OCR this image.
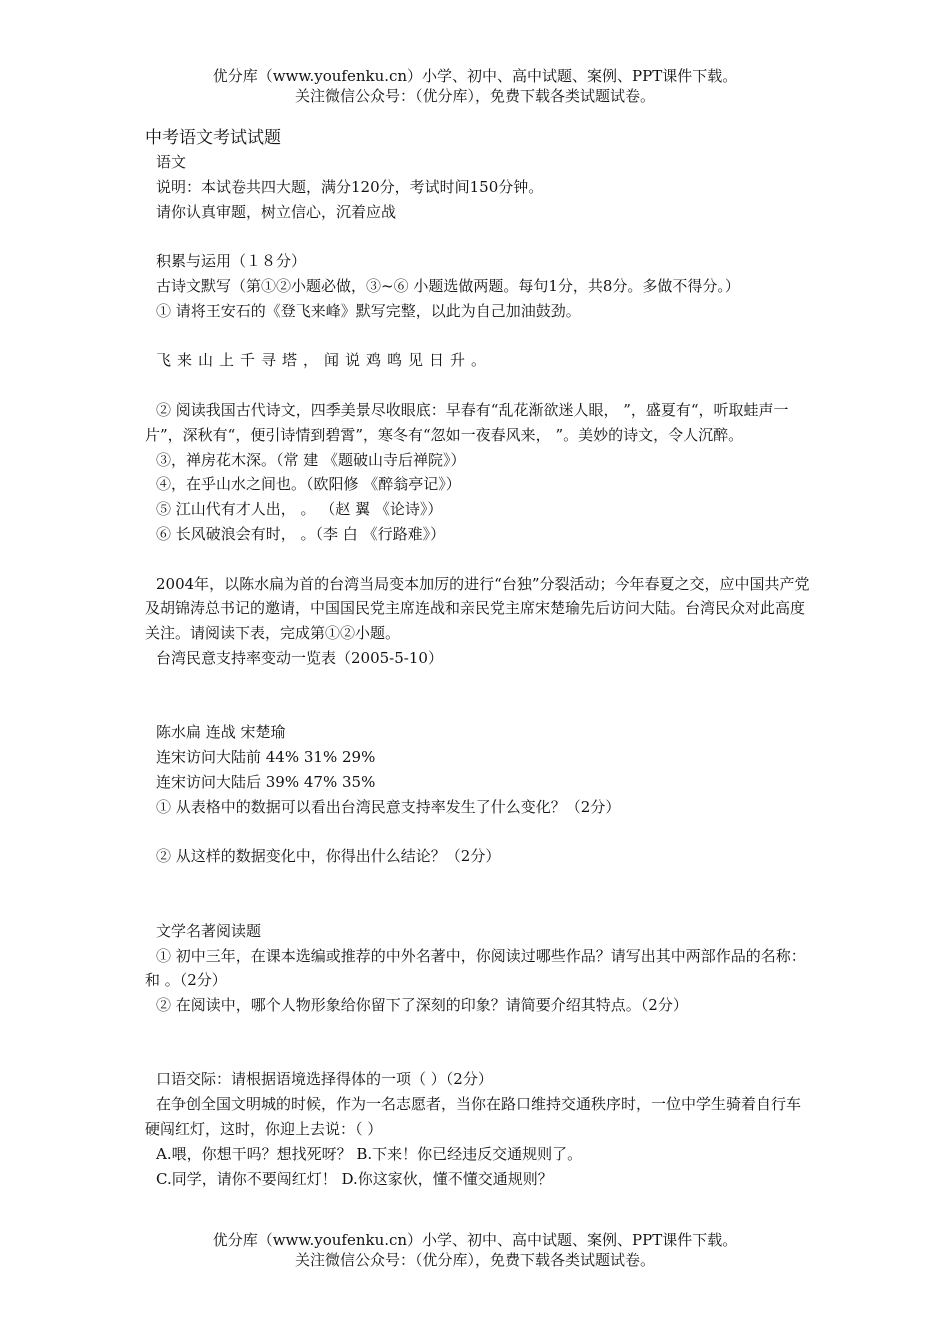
优分库（www.youfenku.cn）小学、初中、高中试题、案例、PPT课件下载。
关注微信公众号：（优分库），免费下载各类试题试卷。
中考语文考试试题
语文
说明：本试卷共四大题，满分120分，考试时间150分钟。
请你认真审题，树立信心，沉着应战
积累与运用（１８分）
古诗文默写（第①②小题必做，③~⑥ 小题选做两题。每句1分，共8分。多做不得分。）
① 请将王安石的《登飞来峰》默写完整，以此为自己加油鼓劲。
飞来山上千寻塔，闻说鸡鸣见日升。
② 阅读我国古代诗文，四季美景尽收眼底：早春有“乱花渐欲迷人眼， ”，盛夏有“，听取蛙声一片”，深秋有“，便引诗情到碧霄”，寒冬有“忽如一夜春风来， ”。美妙的诗文，令人沉醉。
③，禅房花木深。（常 建 《题破山寺后禅院》）
④，在乎山水之间也。（欧阳修 《醉翁亭记》）
⑤ 江山代有才人出， 。 （赵 翼 《论诗》）
⑥ 长风破浪会有时， 。（李 白 《行路难》）
2004年，以陈水扁为首的台湾当局变本加厉的进行“台独”分裂活动；今年春夏之交，应中国共产党及胡锦涛总书记的邀请，中国国民党主席连战和亲民党主席宋楚瑜先后访问大陆。台湾民众对此高度关注。请阅读下表，完成第①②小题。
台湾民意支持率变动一览表（2005-5-10）
陈水扁 连战 宋楚瑜
连宋访问大陆前 44% 31% 29%
连宋访问大陆后 39% 47% 35%
① 从表格中的数据可以看出台湾民意支持率发生了什么变化？（2分）
② 从这样的数据变化中，你得出什么结论？（2分）
文学名著阅读题
① 初中三年，在课本选编或推荐的中外名著中，你阅读过哪些作品？请写出其中两部作品的名称： 和 。（2分）
② 在阅读中，哪个人物形象给你留下了深刻的印象？请简要介绍其特点。（2分）
口语交际：请根据语境选择得体的一项（ ）（2分）
在争创全国文明城的时候，作为一名志愿者，当你在路口维持交通秩序时，一位中学生骑着自行车硬闯红灯，这时，你迎上去说：（ ）
A.喂，你想干吗？想找死呀？ B.下来！你已经违反交通规则了。
C.同学，请你不要闯红灯！ D.你这家伙，懂不懂交通规则？
优分库（www.youfenku.cn）小学、初中、高中试题、案例、PPT课件下载。
关注微信公众号：（优分库），免费下载各类试题试卷。
